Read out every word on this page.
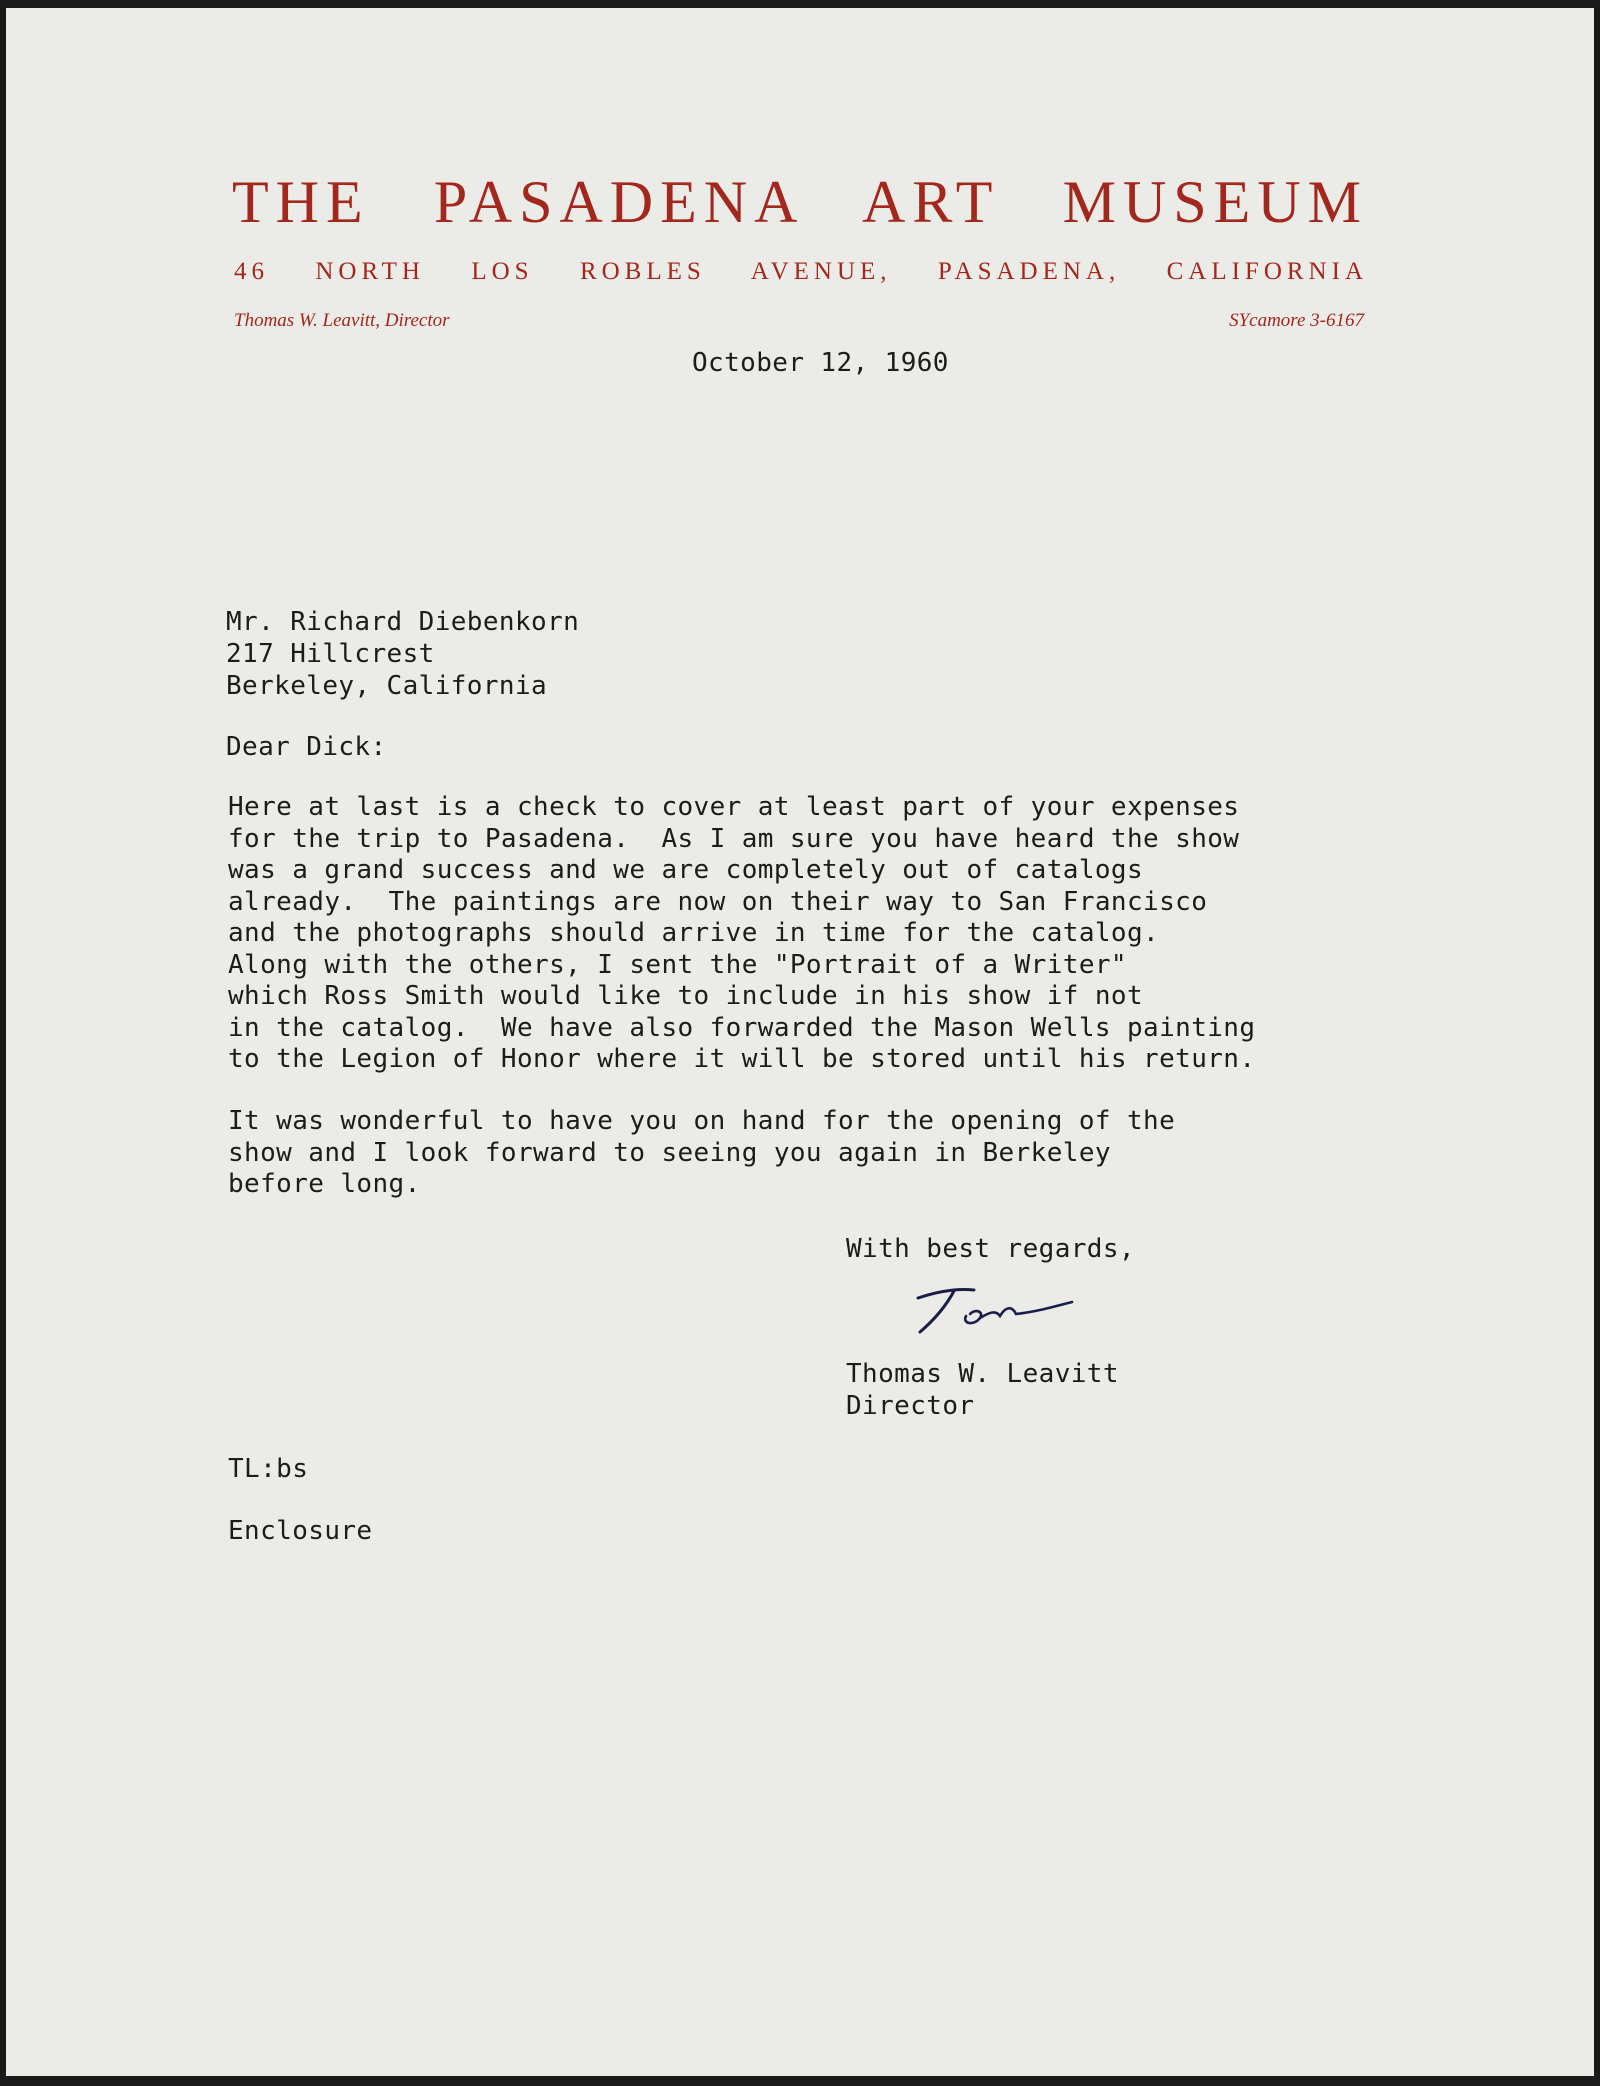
THE PASADENA ART MUSEUM
46 NORTH LOS ROBLES AVENUE, PASADENA, CALIFORNIA
Thomas W. Leavitt, Director	SYcamore 3-6167
October 12, 1960
Mr. Richard Diebenkorn
217 Hillcrest
Berkeley, California
Dear Dick:
Here at last is a check to cover at least part of your expenses
for the trip to Pasadena.  As I am sure you have heard the show
was a grand success and we are completely out of catalogs
already.  The paintings are now on their way to San Francisco
and the photographs should arrive in time for the catalog.
Along with the others, I sent the "Portrait of a Writer"
which Ross Smith would like to include in his show if not
in the catalog.  We have also forwarded the Mason Wells painting
to the Legion of Honor where it will be stored until his return.
It was wonderful to have you on hand for the opening of the
show and I look forward to seeing you again in Berkeley
before long.
With best regards,
Thomas W. Leavitt
Director
TL:bs
Enclosure
